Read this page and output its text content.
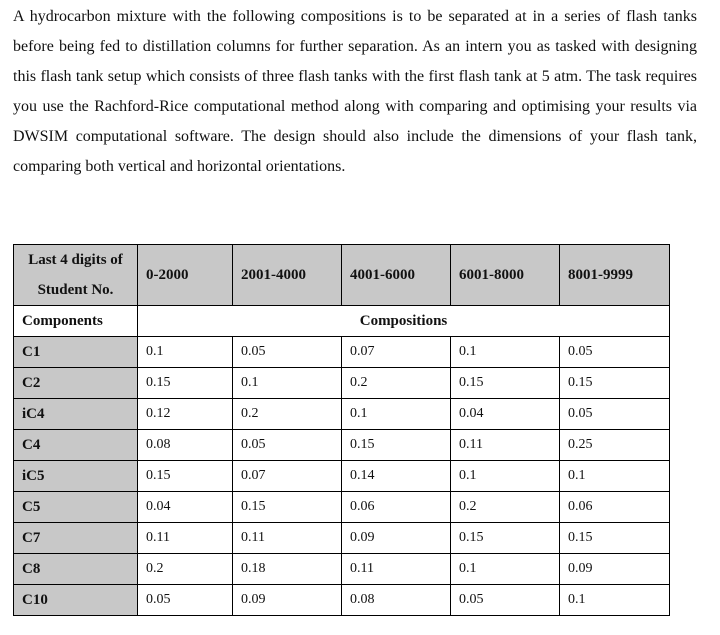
A hydrocarbon mixture with the following compositions is to be separated at in a series of flash tanks before being fed to distillation columns for further separation. As an intern you as tasked with designing this flash tank setup which consists of three flash tanks with the first flash tank at 5 atm. The task requires you use the Rachford-Rice computational method along with comparing and optimising your results via DWSIM computational software. The design should also include the dimensions of your flash tank, comparing both vertical and horizontal orientations.

Last 4 digits of Student No.	0-2000	2001-4000	4001-6000	6001-8000	8001-9999
Components	Compositions				
C1	0.1	0.05	0.07	0.1	0.05
C2	0.15	0.1	0.2	0.15	0.15
iC4	0.12	0.2	0.1	0.04	0.05
C4	0.08	0.05	0.15	0.11	0.25
iC5	0.15	0.07	0.14	0.1	0.1
C5	0.04	0.15	0.06	0.2	0.06
C7	0.11	0.11	0.09	0.15	0.15
C8	0.2	0.18	0.11	0.1	0.09
C10	0.05	0.09	0.08	0.05	0.1
